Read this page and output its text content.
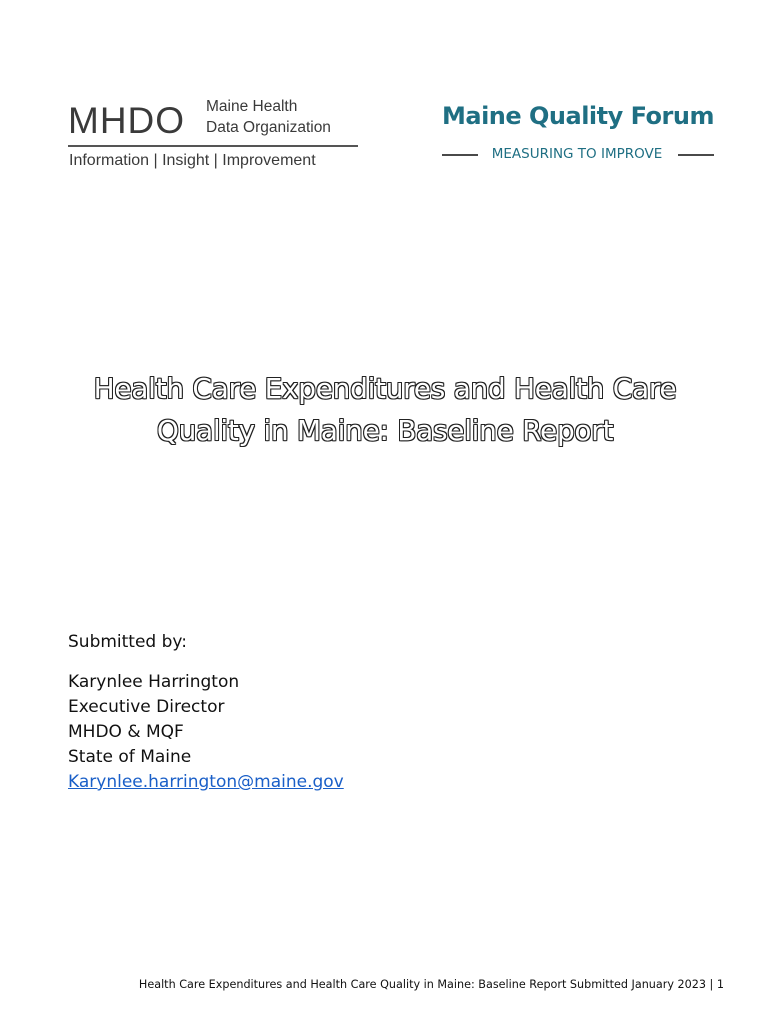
MHDO Maine Health
Data Organization
Information | Insight | Improvement
Maine Quality Forum
MEASURING TO IMPROVE
Health Care Expenditures and Health Care
Quality in Maine: Baseline Report
Submitted by:
Karynlee Harrington
Executive Director
MHDO & MQF
State of Maine
Karynlee.harrington@maine.gov
Health Care Expenditures and Health Care Quality in Maine: Baseline Report Submitted January 2023 | 1
